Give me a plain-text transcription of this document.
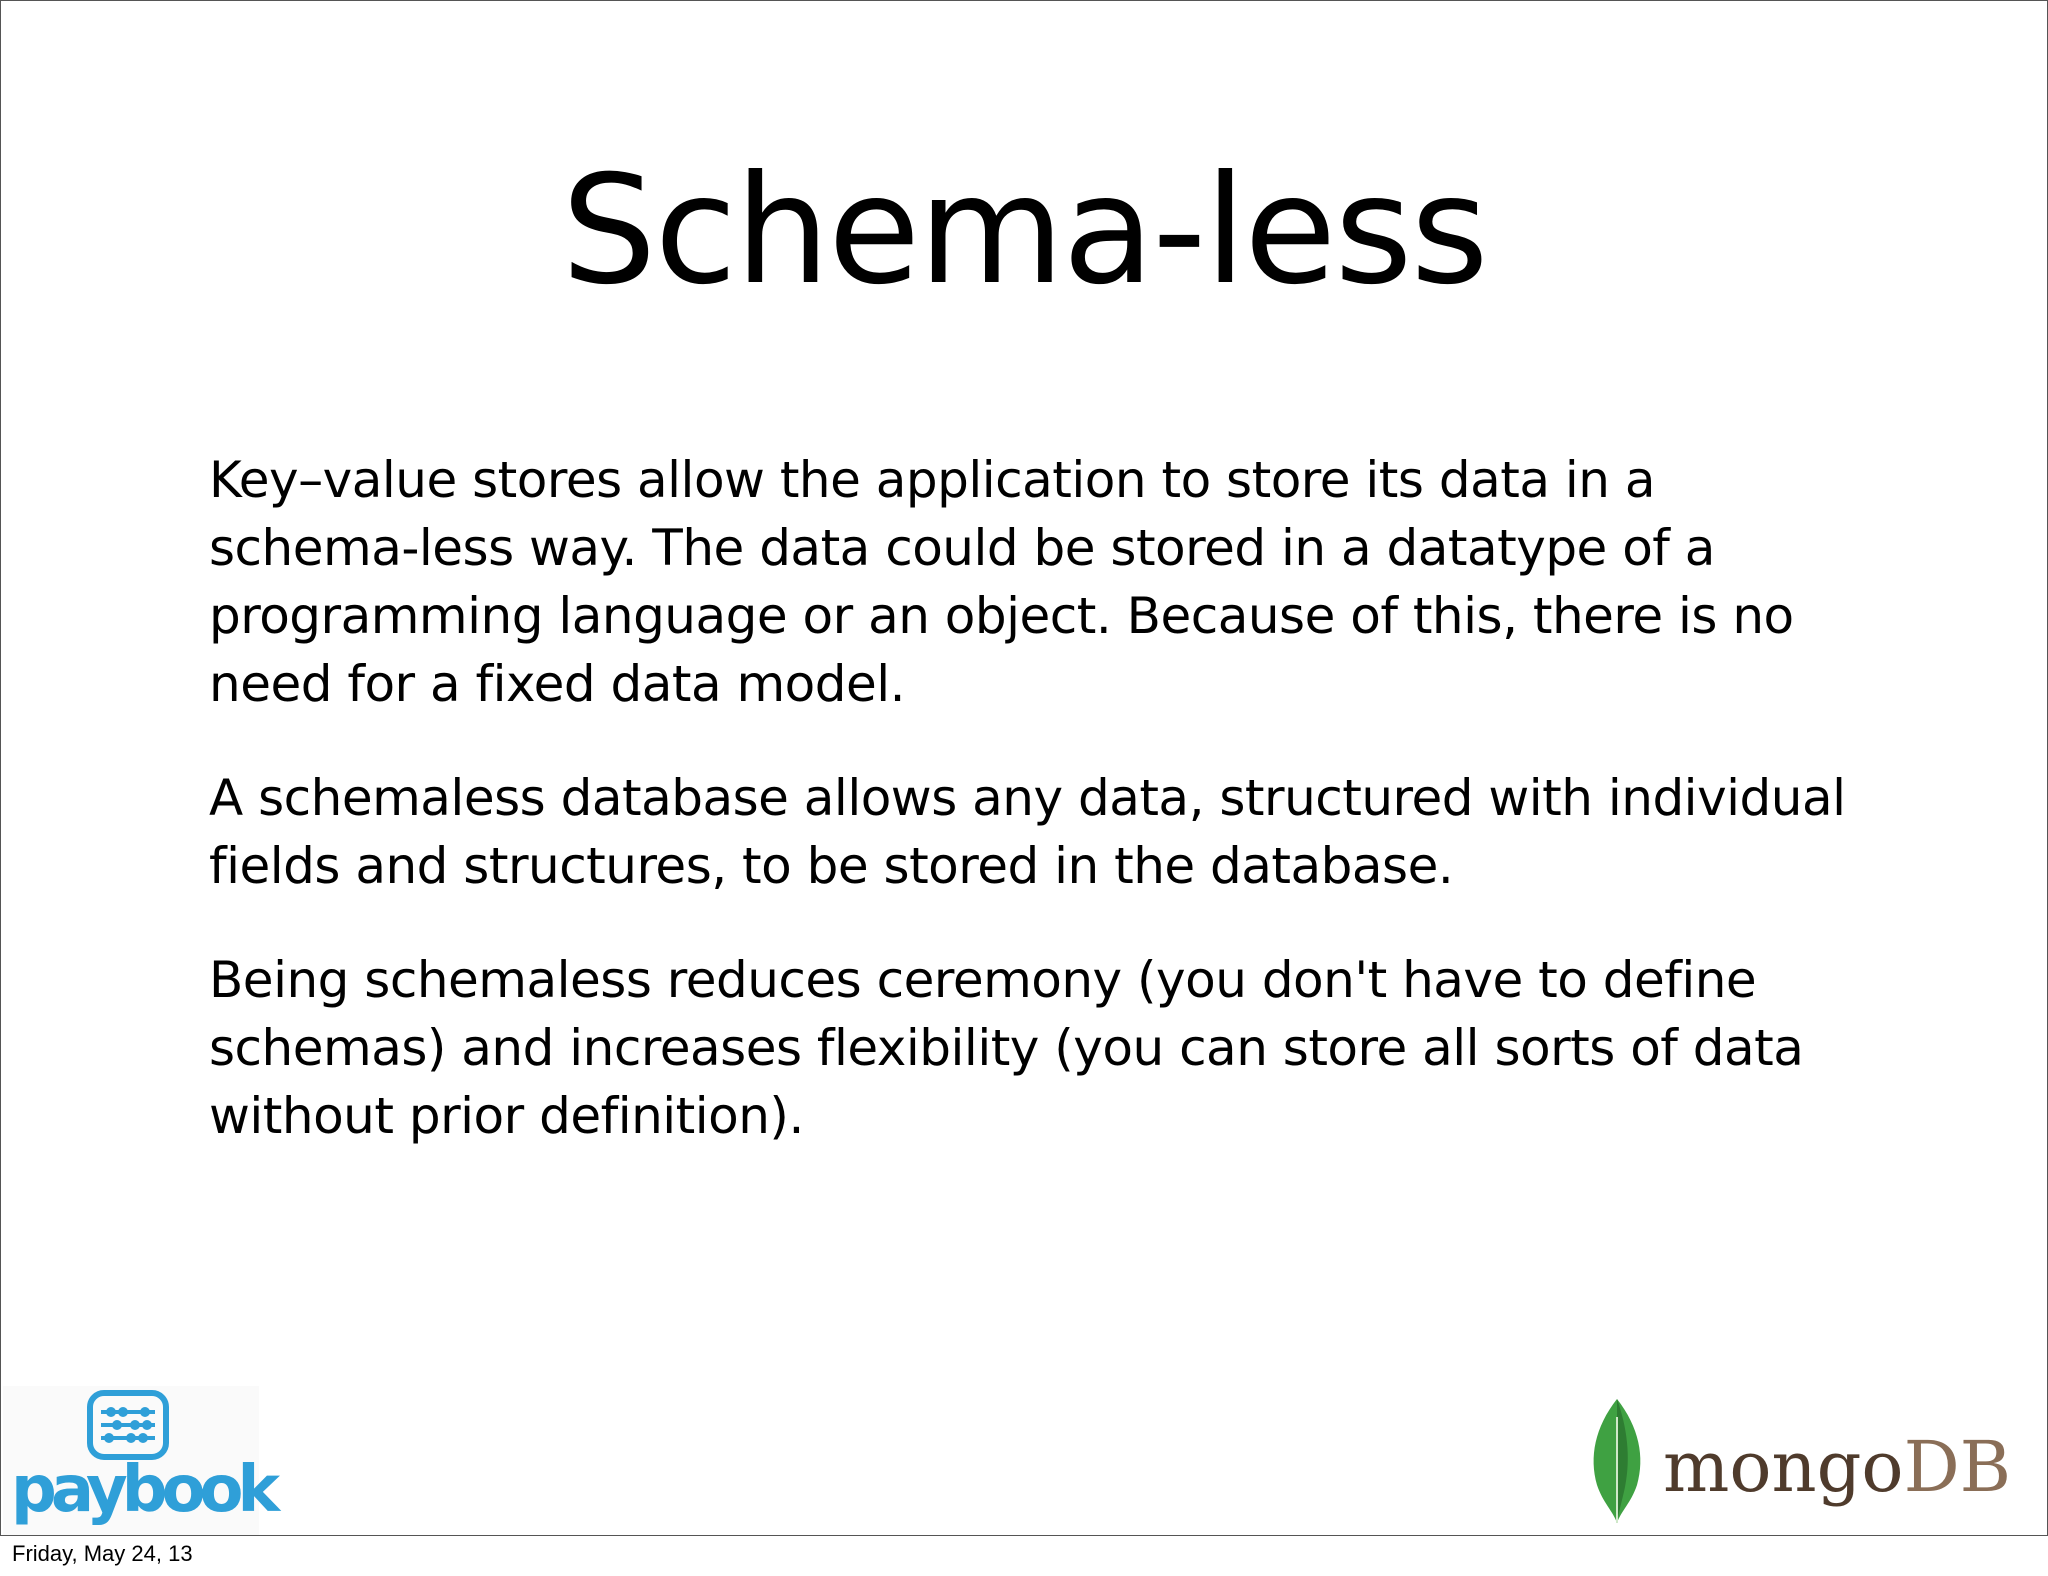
Schema-less

Key–value stores allow the application to store its data in a schema-less way. The data could be stored in a datatype of a programming language or an object. Because of this, there is no need for a fixed data model.

A schemaless database allows any data, structured with individual fields and structures, to be stored in the database.

Being schemaless reduces ceremony (you don't have to define schemas) and increases flexibility (you can store all sorts of data without prior definition).

paybook	mongoDB
Friday, May 24, 13
